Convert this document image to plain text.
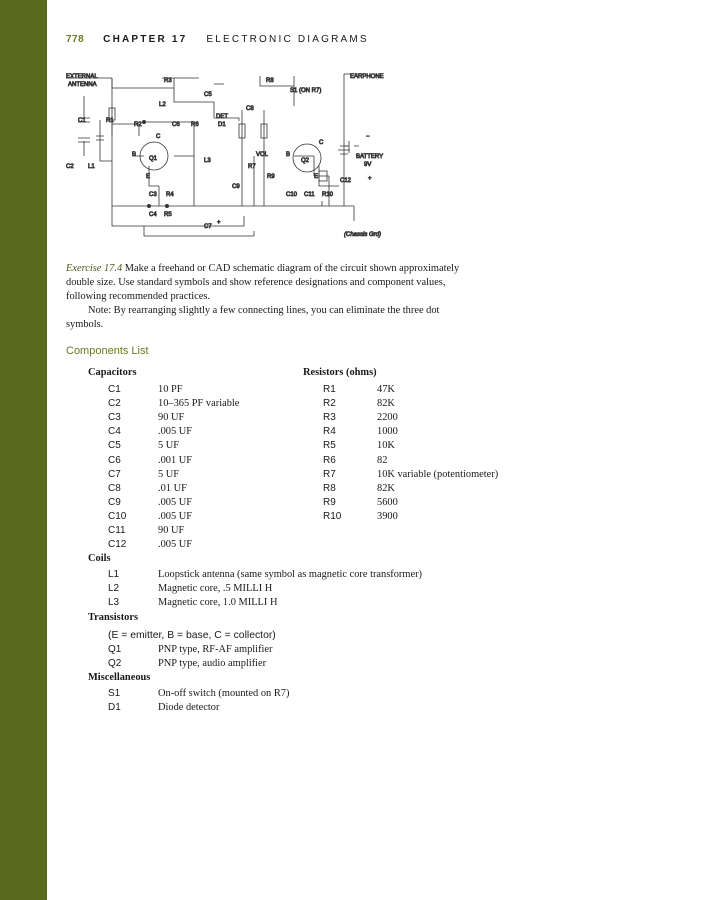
778 CHAPTER 17 ELECTRONIC DIAGRAMS
EXTERNAL
ANTENNA
R3	R8
EARPHONE
C5
S1 (ON R7)
L2
C8
DET
C1	R1
R2	C6 R6	D1
C
C
B
Q1	L3
VOL	B
Q2
BATTERY
9V
C2 L1	R7
E	R9	E
C12
C9
C3 R4	C10 C11 R10
C4 R5
C7
+
−
+
(Chassis Grd)

Exercise 17.4 Make a freehand or CAD schematic diagram of the circuit shown approximately double size. Use standard symbols and show reference designations and component values, following recommended practices.

Note: By rearranging slightly a few connecting lines, you can eliminate the three dot symbols.

Components List
Capacitors	Resistors (ohms)
Coils
Transistors
Miscellaneous
(E = emitter, B = base, C = collector)
C1	10 PF
C2	10–365 PF variable
C3	90 UF
C4	.005 UF
C5	5 UF
C6	.001 UF
C7	5 UF
C8	.01 UF
C9	.005 UF
C10	.005 UF
C11	90 UF
C12	.005 UF
R1	47K
R2	82K
R3	2200
R4	1000
R5	10K
R6	82
R7	10K variable (potentiometer)
R8	82K
R9	5600
R10	3900
L1	Loopstick antenna (same symbol as magnetic core transformer)
L2	Magnetic core, .5 MILLI H
L3	Magnetic core, 1.0 MILLI H
Q1	PNP type, RF-AF amplifier
Q2	PNP type, audio amplifier
S1	On-off switch (mounted on R7)
D1	Diode detector
